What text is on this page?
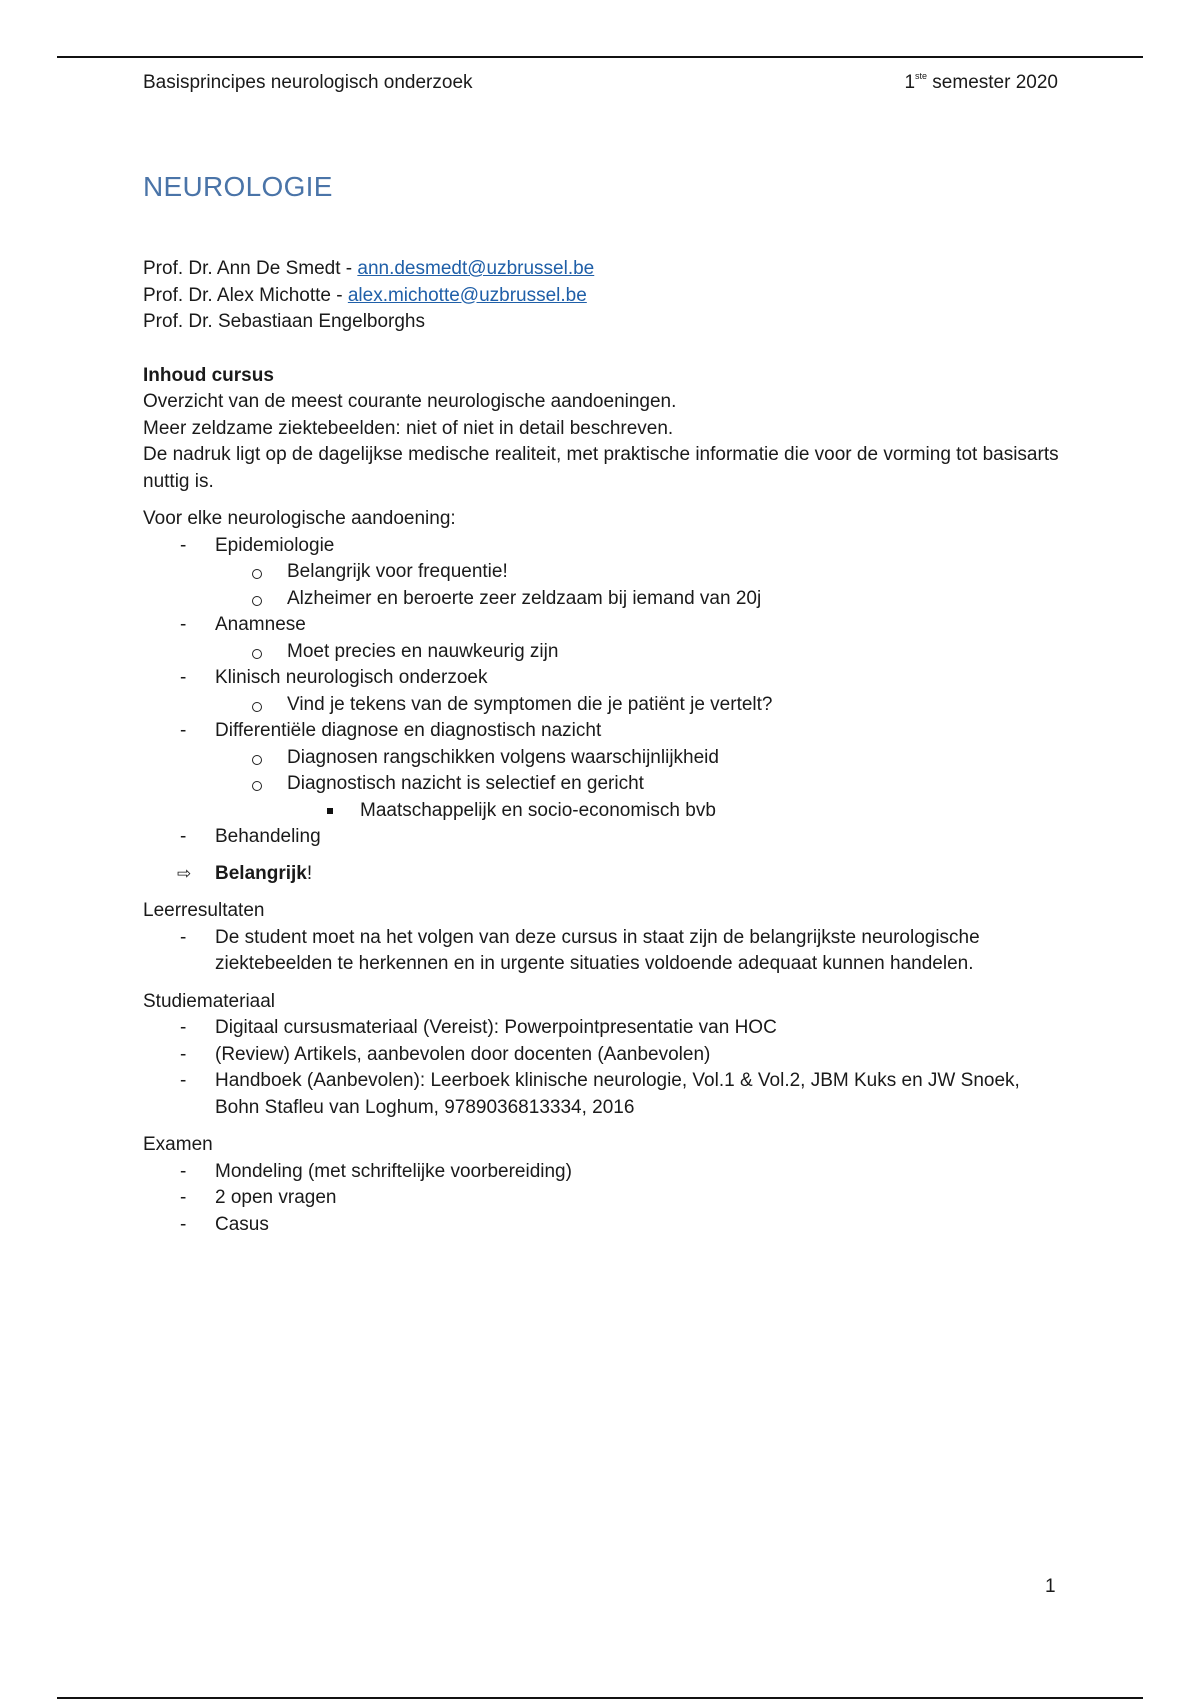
Basisprincipes neurologisch onderzoek	1ste semester 2020
NEUROLOGIE

Prof. Dr. Ann De Smedt - ann.desmedt@uzbrussel.be

Prof. Dr. Alex Michotte - alex.michotte@uzbrussel.be

Prof. Dr. Sebastiaan Engelborghs

Inhoud cursus

Overzicht van de meest courante neurologische aandoeningen.

Meer zeldzame ziektebeelden: niet of niet in detail beschreven.

De nadruk ligt op de dagelijkse medische realiteit, met praktische informatie die voor de vorming tot basisarts nuttig is.

Voor elke neurologische aandoening:

- Epidemiologie
Belangrijk voor frequentie!
Alzheimer en beroerte zeer zeldzaam bij iemand van 20j
- Anamnese
Moet precies en nauwkeurig zijn
- Klinisch neurologisch onderzoek
Vind je tekens van de symptomen die je patiënt je vertelt?
- Differentiële diagnose en diagnostisch nazicht
Diagnosen rangschikken volgens waarschijnlijkheid
Diagnostisch nazicht is selectief en gericht
Maatschappelijk en socio-economisch bvb
- Behandeling
⇨ Belangrijk!

Leerresultaten

- De student moet na het volgen van deze cursus in staat zijn de belangrijkste neurologische ziektebeelden te herkennen en in urgente situaties voldoende adequaat kunnen handelen.

Studiemateriaal

- Digitaal cursusmateriaal (Vereist): Powerpointpresentatie van HOC
- (Review) Artikels, aanbevolen door docenten (Aanbevolen)
- Handboek (Aanbevolen): Leerboek klinische neurologie, Vol.1 & Vol.2, JBM Kuks en JW Snoek, Bohn Stafleu van Loghum, 9789036813334, 2016

Examen

- Mondeling (met schriftelijke voorbereiding)
- 2 open vragen
- Casus
1
